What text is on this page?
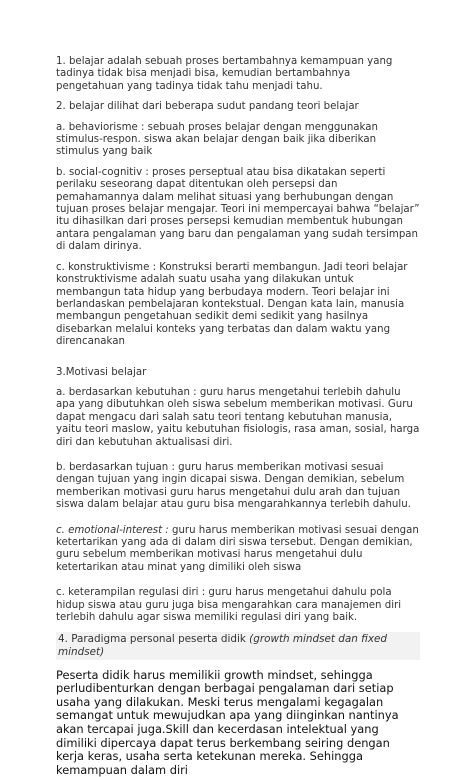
1. belajar adalah sebuah proses bertambahnya kemampuan yang tadinya tidak bisa menjadi bisa, kemudian bertambahnya pengetahuan yang tadinya tidak tahu menjadi tahu.

2. belajar dilihat dari beberapa sudut pandang teori belajar

a. behaviorisme : sebuah proses belajar dengan menggunakan stimulus-respon. siswa akan belajar dengan baik jika diberikan stimulus yang baik

b. social-cognitiv : proses perseptual atau bisa dikatakan seperti perilaku seseorang dapat ditentukan oleh persepsi dan pemahamannya dalam melihat situasi yang berhubungan dengan tujuan proses belajar mengajar. Teori ini mempercayai bahwa “belajar” itu dihasilkan dari proses persepsi kemudian membentuk hubungan antara pengalaman yang baru dan pengalaman yang sudah tersimpan di dalam dirinya.

c. konstruktivisme : Konstruksi berarti membangun. Jadi teori belajar konstruktivisme adalah suatu usaha yang dilakukan untuk membangun tata hidup yang berbudaya modern. Teori belajar ini berlandaskan pembelajaran kontekstual. Dengan kata lain, manusia membangun pengetahuan sedikit demi sedikit yang hasilnya disebarkan melalui konteks yang terbatas dan dalam waktu yang direncanakan

3.Motivasi belajar

a. berdasarkan kebutuhan : guru harus mengetahui terlebih dahulu apa yang dibutuhkan oleh siswa sebelum memberikan motivasi. Guru dapat mengacu dari salah satu teori tentang kebutuhan manusia, yaitu teori maslow, yaitu kebutuhan fisiologis, rasa aman, sosial, harga diri dan kebutuhan aktualisasi diri.

b. berdasarkan tujuan : guru harus memberikan motivasi sesuai dengan tujuan yang ingin dicapai siswa. Dengan demikian, sebelum memberikan motivasi guru harus mengetahui dulu arah dan tujuan siswa dalam belajar atau guru bisa mengarahkannya terlebih dahulu.

c. emotional-interest : guru harus memberikan motivasi sesuai dengan ketertarikan yang ada di dalam diri siswa tersebut. Dengan demikian, guru sebelum memberikan motivasi harus mengetahui dulu ketertarikan atau minat yang dimiliki oleh siswa

c. keterampilan regulasi diri : guru harus mengetahui dahulu pola hidup siswa atau guru juga bisa mengarahkan cara manajemen diri terlebih dahulu agar siswa memiliki regulasi diri yang baik.

4. Paradigma personal peserta didik (growth mindset dan fixed mindset)

Peserta didik harus memilikii growth mindset, sehingga perludibenturkan dengan berbagai pengalaman dari setiap usaha yang dilakukan. Meski terus mengalami kegagalan semangat untuk mewujudkan apa yang diinginkan nantinya akan tercapai juga.Skill dan kecerdasan intelektual yang dimiliki dipercaya dapat terus berkembang seiring dengan kerja keras, usaha serta ketekunan mereka. Sehingga kemampuan dalam diri
